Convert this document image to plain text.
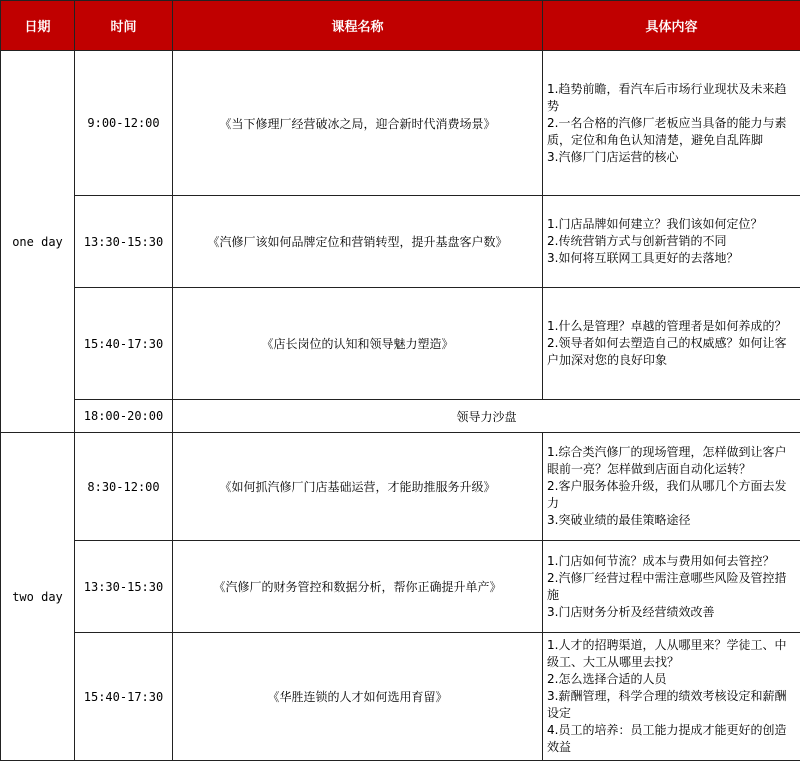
日期	时间	课程名称	具体内容
one day	9:00-12:00	《当下修理厂经营破冰之局，迎合新时代消费场景》	1.趋势前瞻，看汽车后市场行业现状及未来趋势
2.一名合格的汽修厂老板应当具备的能力与素质，定位和角色认知清楚，避免自乱阵脚
3.汽修厂门店运营的核心

	13:30-15:30	《汽修厂该如何品牌定位和营销转型，提升基盘客户数》	1.门店品牌如何建立？我们该如何定位？
2.传统营销方式与创新营销的不同
3.如何将互联网工具更好的去落地？

	15:40-17:30	《店长岗位的认知和领导魅力塑造》	1.什么是管理？卓越的管理者是如何养成的？
2.领导者如何去塑造自己的权威感？如何让客户加深对您的良好印象

	18:00-20:00	领导力沙盘	
two day	8:30-12:00	《如何抓汽修厂门店基础运营，才能助推服务升级》	1.综合类汽修厂的现场管理，怎样做到让客户眼前一亮？怎样做到店面自动化运转？
2.客户服务体验升级，我们从哪几个方面去发力
3.突破业绩的最佳策略途径

	13:30-15:30	《汽修厂的财务管控和数据分析，帮你正确提升单产》	1.门店如何节流？成本与费用如何去管控？
2.汽修厂经营过程中需注意哪些风险及管控措施
3.门店财务分析及经营绩效改善

	15:40-17:30	《华胜连锁的人才如何选用育留》	1.人才的招聘渠道，人从哪里来？学徒工、中级工、大工从哪里去找？
2.怎么选择合适的人员
3.薪酬管理，科学合理的绩效考核设定和薪酬设定
4.员工的培养：员工能力提成才能更好的创造效益
